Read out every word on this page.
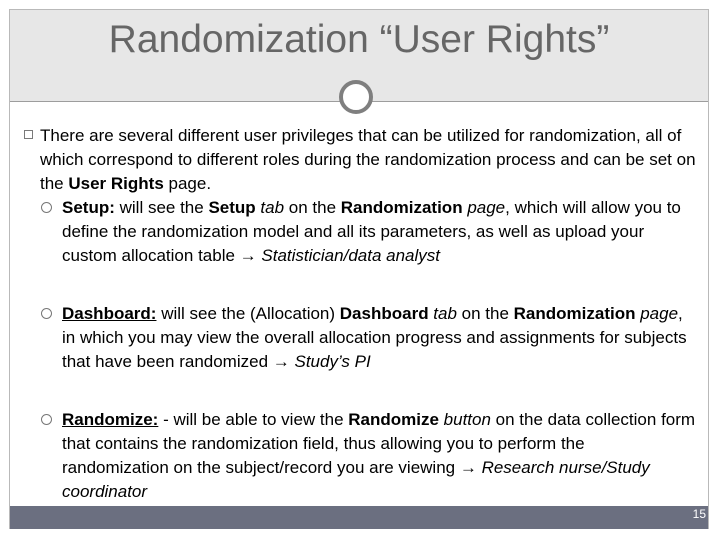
Randomization “User Rights”
There are several different user privileges that can be utilized for randomization, all of which correspond to different roles during the randomization process and can be set on the User Rights page.
Setup: will see the Setup tab on the Randomization page, which will allow you to define the randomization model and all its parameters, as well as upload your custom allocation table → Statistician/data analyst
Dashboard: will see the (Allocation) Dashboard tab on the Randomization page, in which you may view the overall allocation progress and assignments for subjects that have been randomized → Study’s PI
Randomize: - will be able to view the Randomize button on the data collection form that contains the randomization field, thus allowing you to perform the randomization on the subject/record you are viewing → Research nurse/Study coordinator
15
